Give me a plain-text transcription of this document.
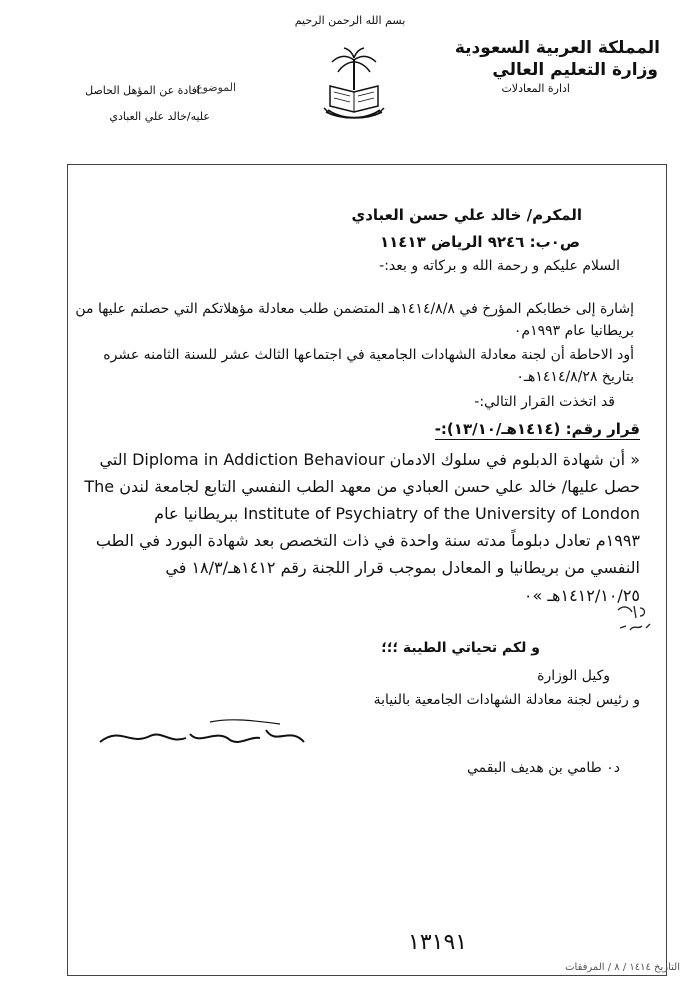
بسم الله الرحمن الرحيم
المملكة العربية السعودية
وزارة التعليم العالي
ادارة المعادلات
الموضوع
افادة عن المؤهل الحاصل
عليه/خالد علي العبادي
المكرم/ خالد علي حسن العبادي
ص٠ب: ٩٢٤٦ الرياض ١١٤١٣
السلام عليكم و رحمة الله و بركاته و بعد:-
إشارة إلى خطابكم المؤرخ في ١٤١٤/٨/٨هـ المتضمن طلب معادلة مؤهلاتكم التي حصلتم عليها من بريطانيا عام ١٩٩٣م٠
أود الاحاطة أن لجنة معادلة الشهادات الجامعية في اجتماعها الثالث عشر للسنة الثامنه عشره بتاريخ ١٤١٤/٨/٢٨هـ٠
قد اتخذت القرار التالي:-
قرار رقم: (١٤١٤هـ/١٣/١٠):-
« أن شهادة الدبلوم في سلوك الادمان Diploma in Addiction Behaviour التي
حصل عليها/ خالد علي حسن العبادي من معهد الطب النفسي التابع لجامعة لندن The
Institute of Psychiatry of the University of London ببريطانيا عام
١٩٩٣م تعادل دبلوماً مدته سنة واحدة في ذات التخصص بعد شهادة البورد في الطب
النفسي من بريطانيا و المعادل بموجب قرار اللجنة رقم ١٤١٢هـ/١٨/٣ في
١٤١٢/١٠/٢٥هـ »٠
و لكم تحياتي الطيبة ؛؛؛
وكيل الوزارة
و رئيس لجنة معادلة الشهادات الجامعية بالنيابة
د٠ طامي بن هديف البقمي
١٣١٩١
التاريخ ١٤١٤ / ٨ / المرفقات
